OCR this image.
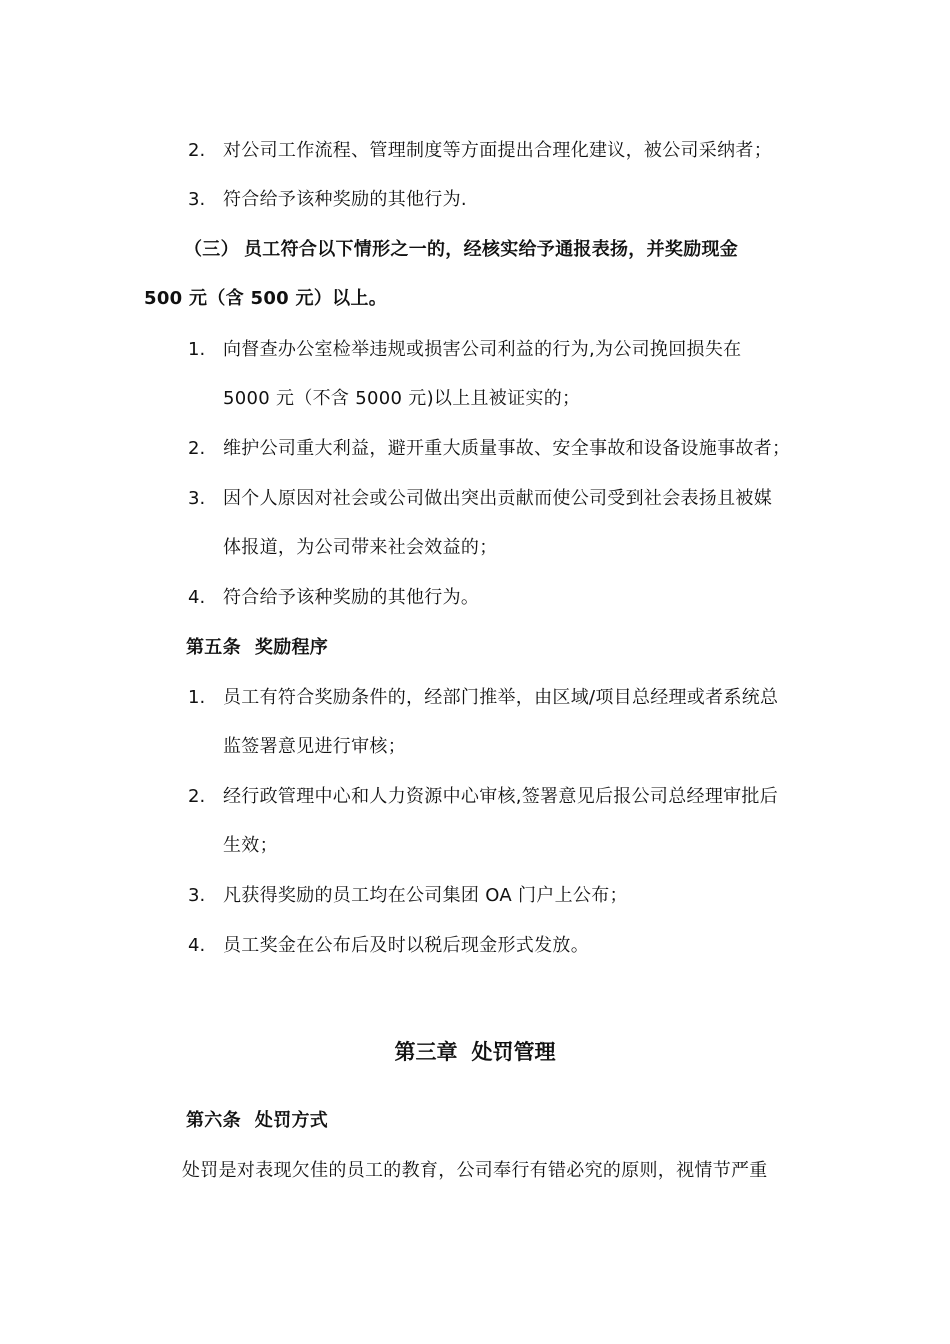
2. 对公司工作流程、管理制度等方面提出合理化建议，被公司采纳者；
3. 符合给予该种奖励的其他行为.
（三） 员工符合以下情形之一的，经核实给予通报表扬，并奖励现金
500 元（含 500 元）以上。
1. 向督查办公室检举违规或损害公司利益的行为,为公司挽回损失在
5000 元（不含 5000 元)以上且被证实的；
2. 维护公司重大利益，避开重大质量事故、安全事故和设备设施事故者；
3. 因个人原因对社会或公司做出突出贡献而使公司受到社会表扬且被媒
体报道，为公司带来社会效益的；
4. 符合给予该种奖励的其他行为。
第五条 奖励程序
1. 员工有符合奖励条件的，经部门推举，由区域/项目总经理或者系统总
监签署意见进行审核；
2. 经行政管理中心和人力资源中心审核,签署意见后报公司总经理审批后
生效；
3. 凡获得奖励的员工均在公司集团 OA 门户上公布；
4. 员工奖金在公布后及时以税后现金形式发放。
第三章 处罚管理
第六条 处罚方式
处罚是对表现欠佳的员工的教育，公司奉行有错必究的原则，视情节严重
